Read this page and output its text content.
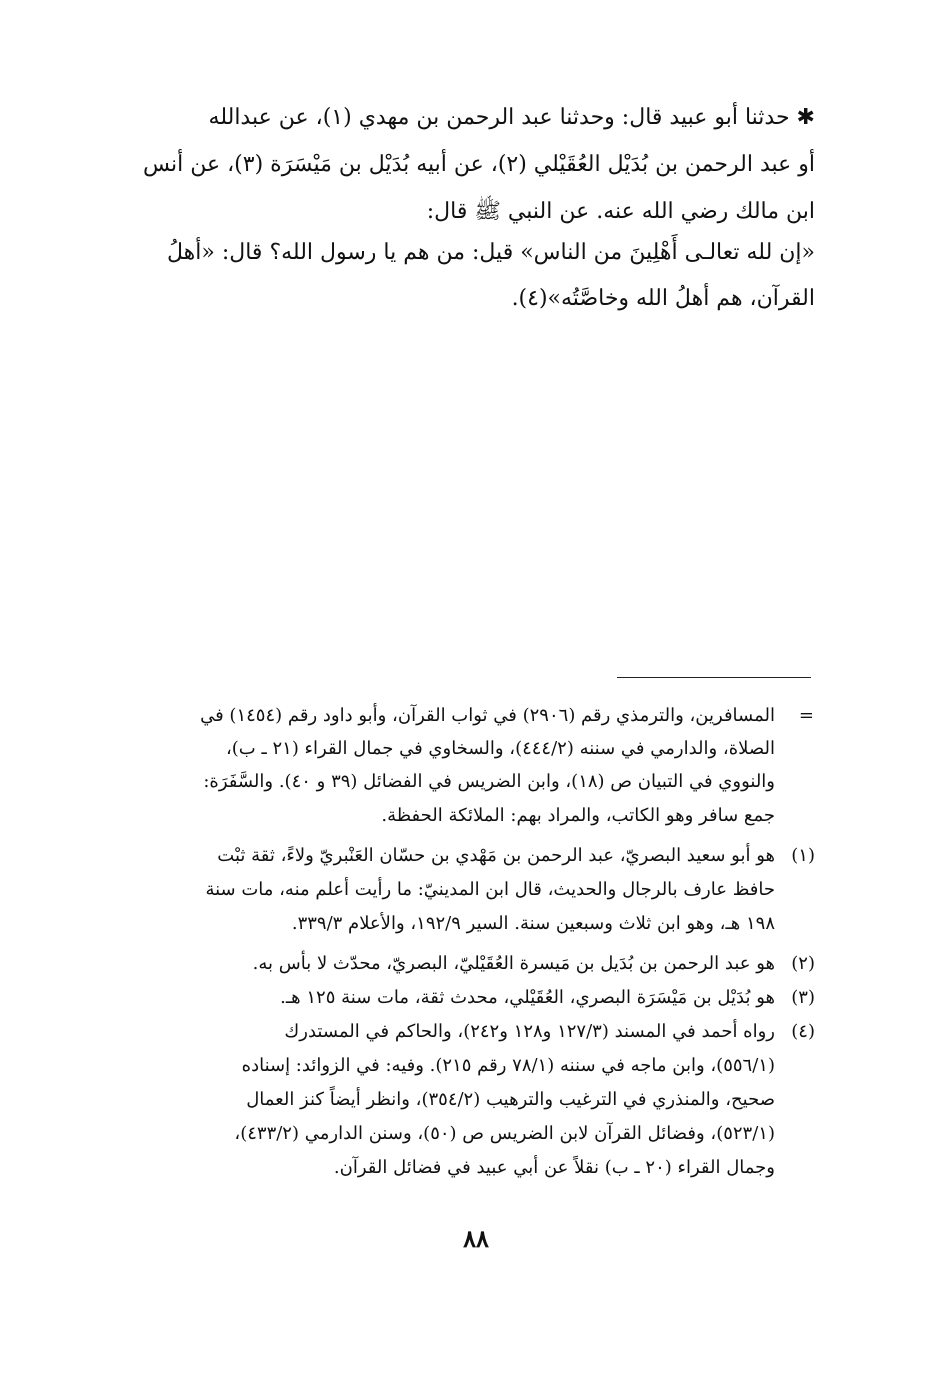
✱ حدثنا أبو عبيد قال: وحدثنا عبد الرحمن بن مهدي (١)، عن عبدالله
أو عبد الرحمن بن بُدَيْل العُقَيْلي (٢)، عن أبيه بُدَيْل بن مَيْسَرَة (٣)، عن أنس
ابن مالك رضي الله عنه. عن النبي ﷺ قال:
«إن لله تعالـى أَهْلِينَ من الناس» قيل: من هم يا رسول الله؟ قال: «أهلُ
القرآن، هم أهلُ الله وخاصَّتُه»(٤).
=
المسافرين، والترمذي رقم (٢٩٠٦) في ثواب القرآن، وأبو داود رقم (١٤٥٤) في
الصلاة، والدارمي في سننه (٤٤٤/٢)، والسخاوي في جمال القراء (٢١ ـ ب)،
والنووي في التبيان ص (١٨)، وابن الضريس في الفضائل (٣٩ و ٤٠). والسَّفَرَة:
جمع سافر وهو الكاتب، والمراد بهم: الملائكة الحفظة.
(١)
هو أبو سعيد البصريّ، عبد الرحمن بن مَهْدي بن حسّان العَنْبريّ ولاءً، ثقة ثبْت
حافظ عارف بالرجال والحديث، قال ابن المدينيّ: ما رأيت أعلم منه، مات سنة
١٩٨ هـ، وهو ابن ثلاث وسبعين سنة. السير ١٩٢/٩، والأعلام ٣٣٩/٣.
(٢)
هو عبد الرحمن بن بُدَيل بن مَيسرة العُقَيْليّ، البصريّ، محدّث لا بأس به.
(٣)
هو بُدَيْل بن مَيْسَرَة البصري، العُقَيْلي، محدث ثقة، مات سنة ١٢٥ هـ.
(٤)
رواه أحمد في المسند (١٢٧/٣ و١٢٨ و٢٤٢)، والحاكم في المستدرك
(٥٥٦/١)، وابن ماجه في سننه (٧٨/١ رقم ٢١٥). وفيه: في الزوائد: إسناده
صحيح، والمنذري في الترغيب والترهيب (٣٥٤/٢)، وانظر أيضاً كنز العمال
(٥٢٣/١)، وفضائل القرآن لابن الضريس ص (٥٠)، وسنن الدارمي (٤٣٣/٢)،
وجمال القراء (٢٠ ـ ب) نقلاً عن أبي عبيد في فضائل القرآن.
٨٨
